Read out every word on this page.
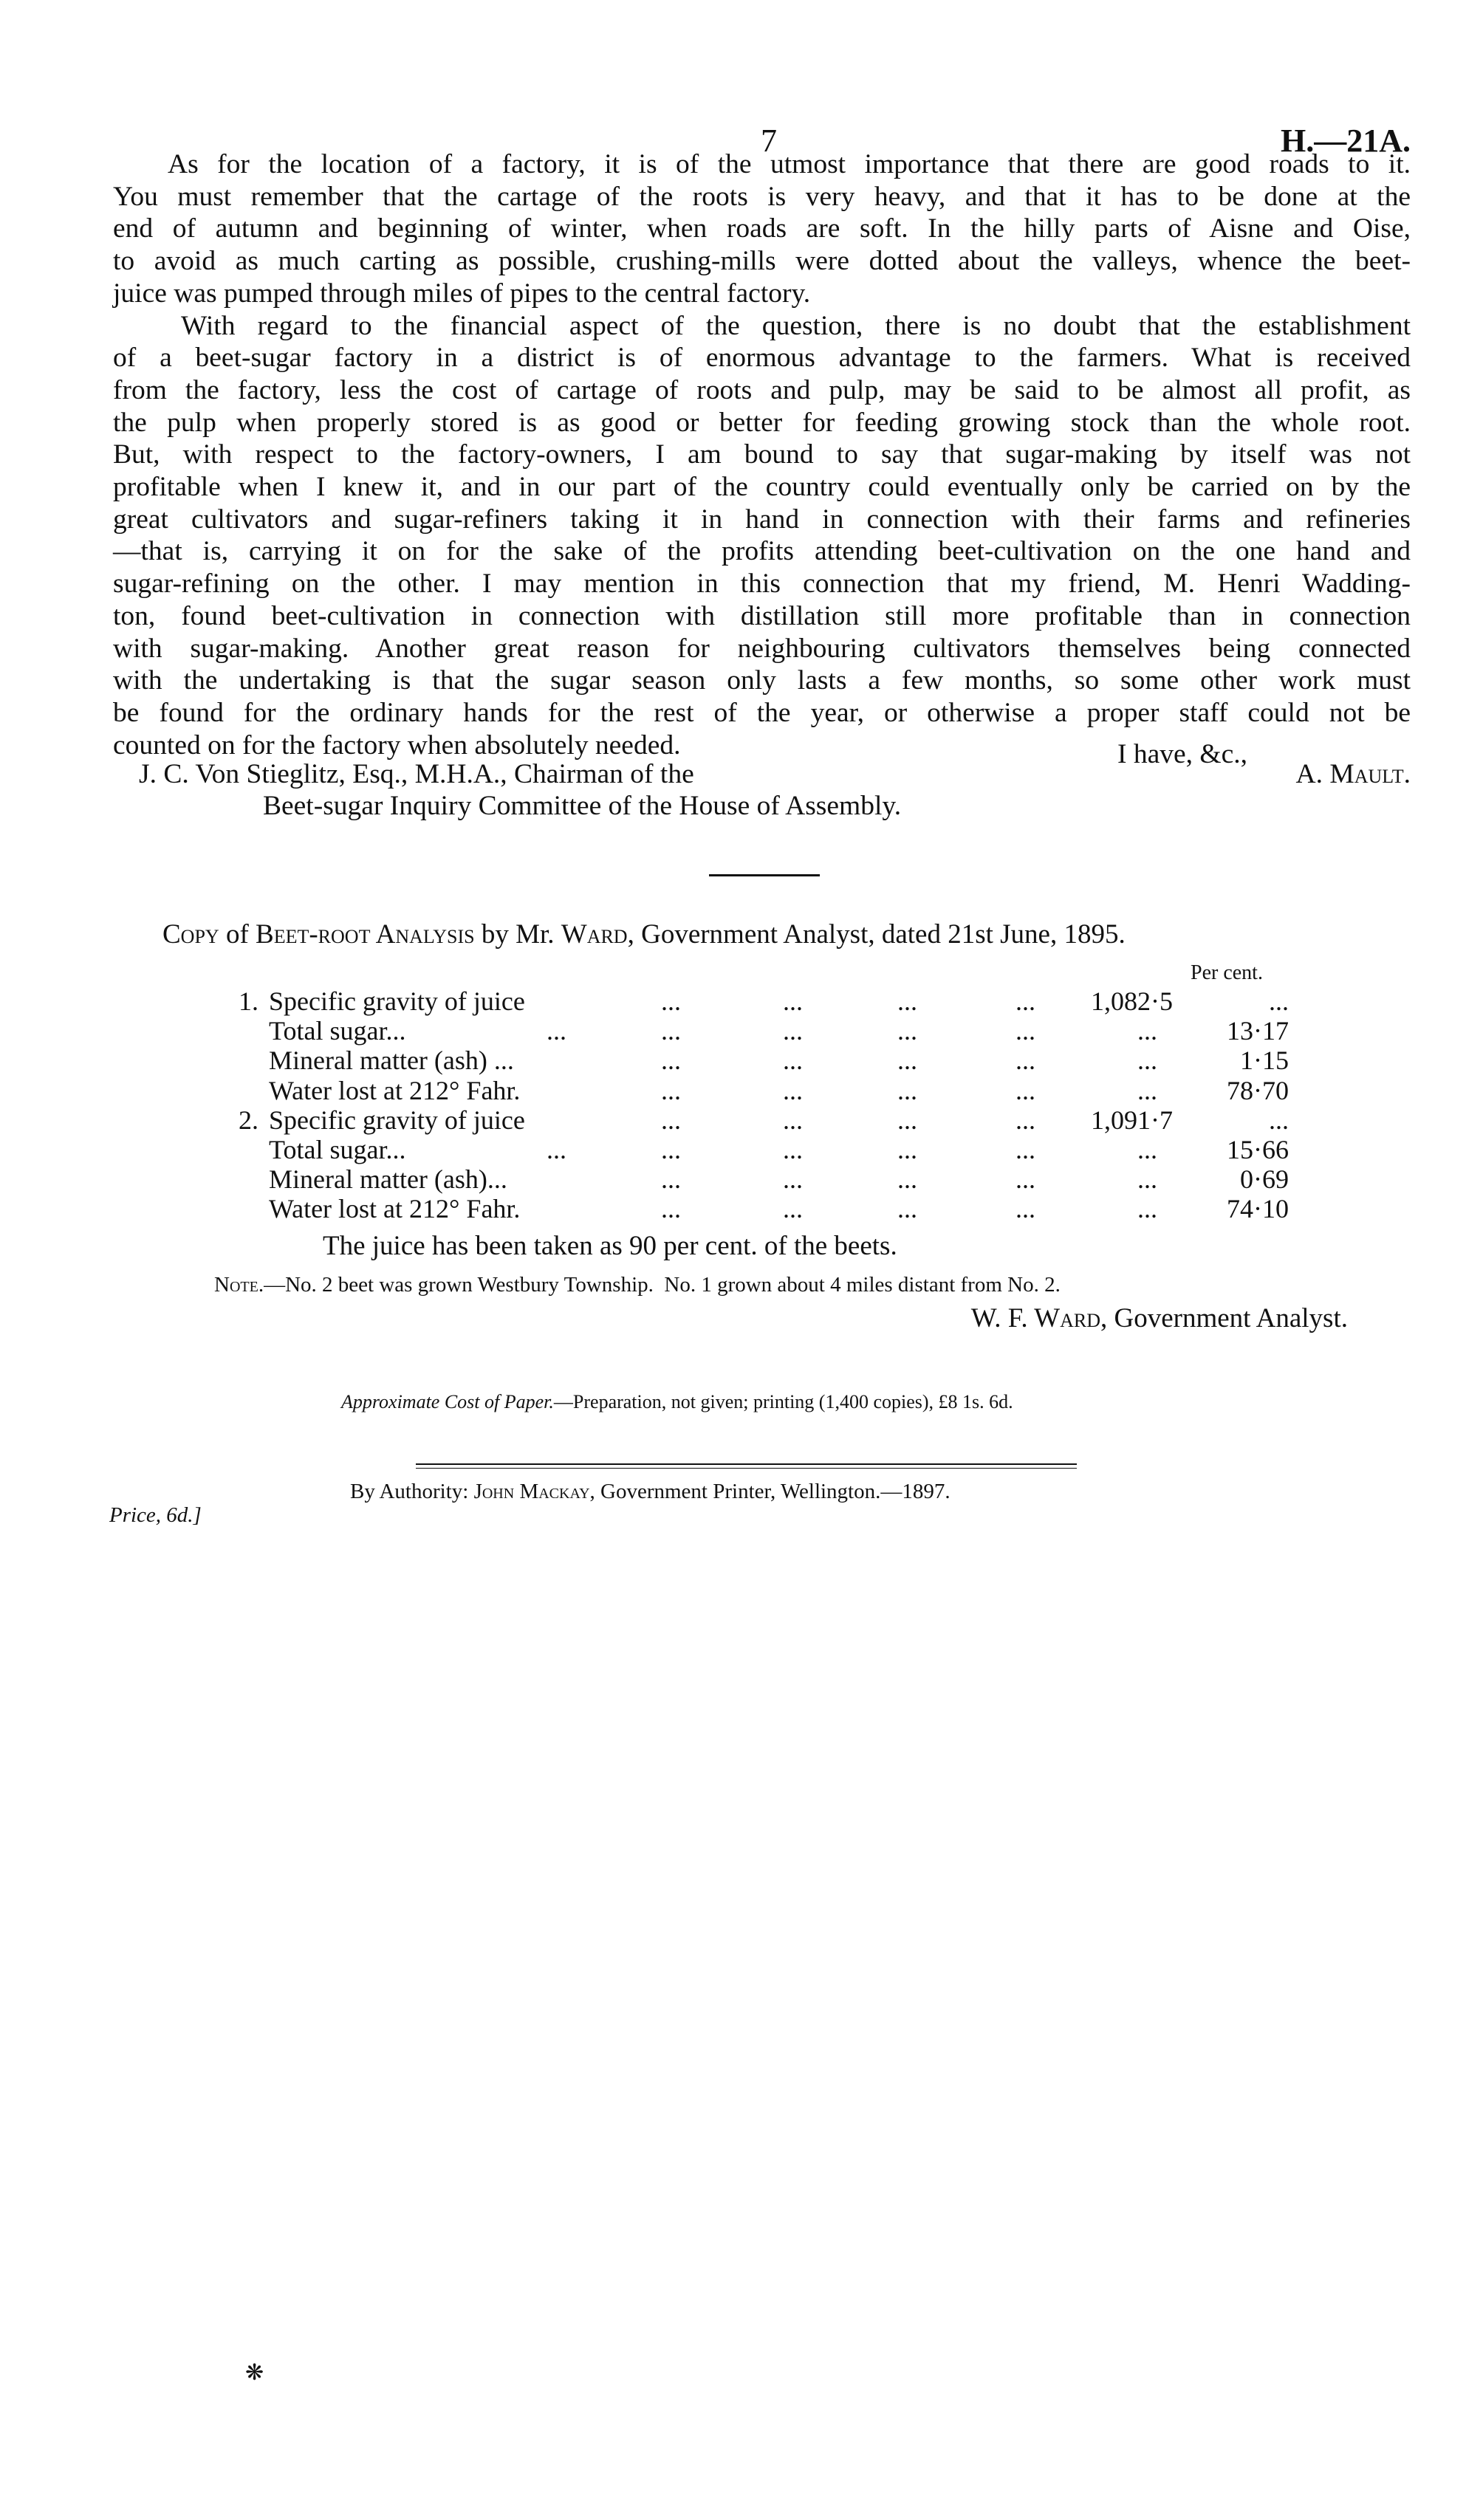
7	H.—21A.
As for the location of a factory, it is of the utmost importance that there are good roads to it.
You must remember that the cartage of the roots is very heavy, and that it has to be done at the
end of autumn and beginning of winter, when roads are soft. In the hilly parts of Aisne and Oise,
to avoid as much carting as possible, crushing-mills were dotted about the valleys, whence the beet-
juice was pumped through miles of pipes to the central factory.
With regard to the financial aspect of the question, there is no doubt that the establishment
of a beet-sugar factory in a district is of enormous advantage to the farmers. What is received
from the factory, less the cost of cartage of roots and pulp, may be said to be almost all profit, as
the pulp when properly stored is as good or better for feeding growing stock than the whole root.
But, with respect to the factory-owners, I am bound to say that sugar-making by itself was not
profitable when I knew it, and in our part of the country could eventually only be carried on by the
great cultivators and sugar-refiners taking it in hand in connection with their farms and refineries
—that is, carrying it on for the sake of the profits attending beet-cultivation on the one hand and
sugar-refining on the other. I may mention in this connection that my friend, M. Henri Wadding-
ton, found beet-cultivation in connection with distillation still more profitable than in connection
with sugar-making. Another great reason for neighbouring cultivators themselves being connected
with the undertaking is that the sugar season only lasts a few months, so some other work must
be found for the ordinary hands for the rest of the year, or otherwise a proper staff could not be
counted on for the factory when absolutely needed.	I have, &c.,
J. C. Von Stieglitz, Esq., M.H.A., Chairman of the	A. Mault.
Beet-sugar Inquiry Committee of the House of Assembly.
Copy of Beet-root Analysis by Mr. Ward, Government Analyst, dated 21st June, 1895.
Per cent.
1. Specific gravity of juice	...	...	...	... 1,082·5	...
Total sugar...	...	...	...	...	...	...	13·17
Mineral matter (ash) ...	...	...	...	...	...	1·15
Water lost at 212° Fahr.	...	...	...	...	...	78·70
2. Specific gravity of juice	...	...	...	... 1,091·7	...
Total sugar...	...	...	...	...	...	...	15·66
Mineral matter (ash)...	...	...	...	...	...	0·69
Water lost at 212° Fahr.	...	...	...	...	...	74·10
The juice has been taken as 90 per cent. of the beets.
Note.—No. 2 beet was grown Westbury Township.  No. 1 grown about 4 miles distant from No. 2.
W. F. Ward, Government Analyst.
Approximate Cost of Paper.—Preparation, not given; printing (1,400 copies), £8 1s. 6d.
By Authority: John Mackay, Government Printer, Wellington.—1897.
Price, 6d.]
❋
